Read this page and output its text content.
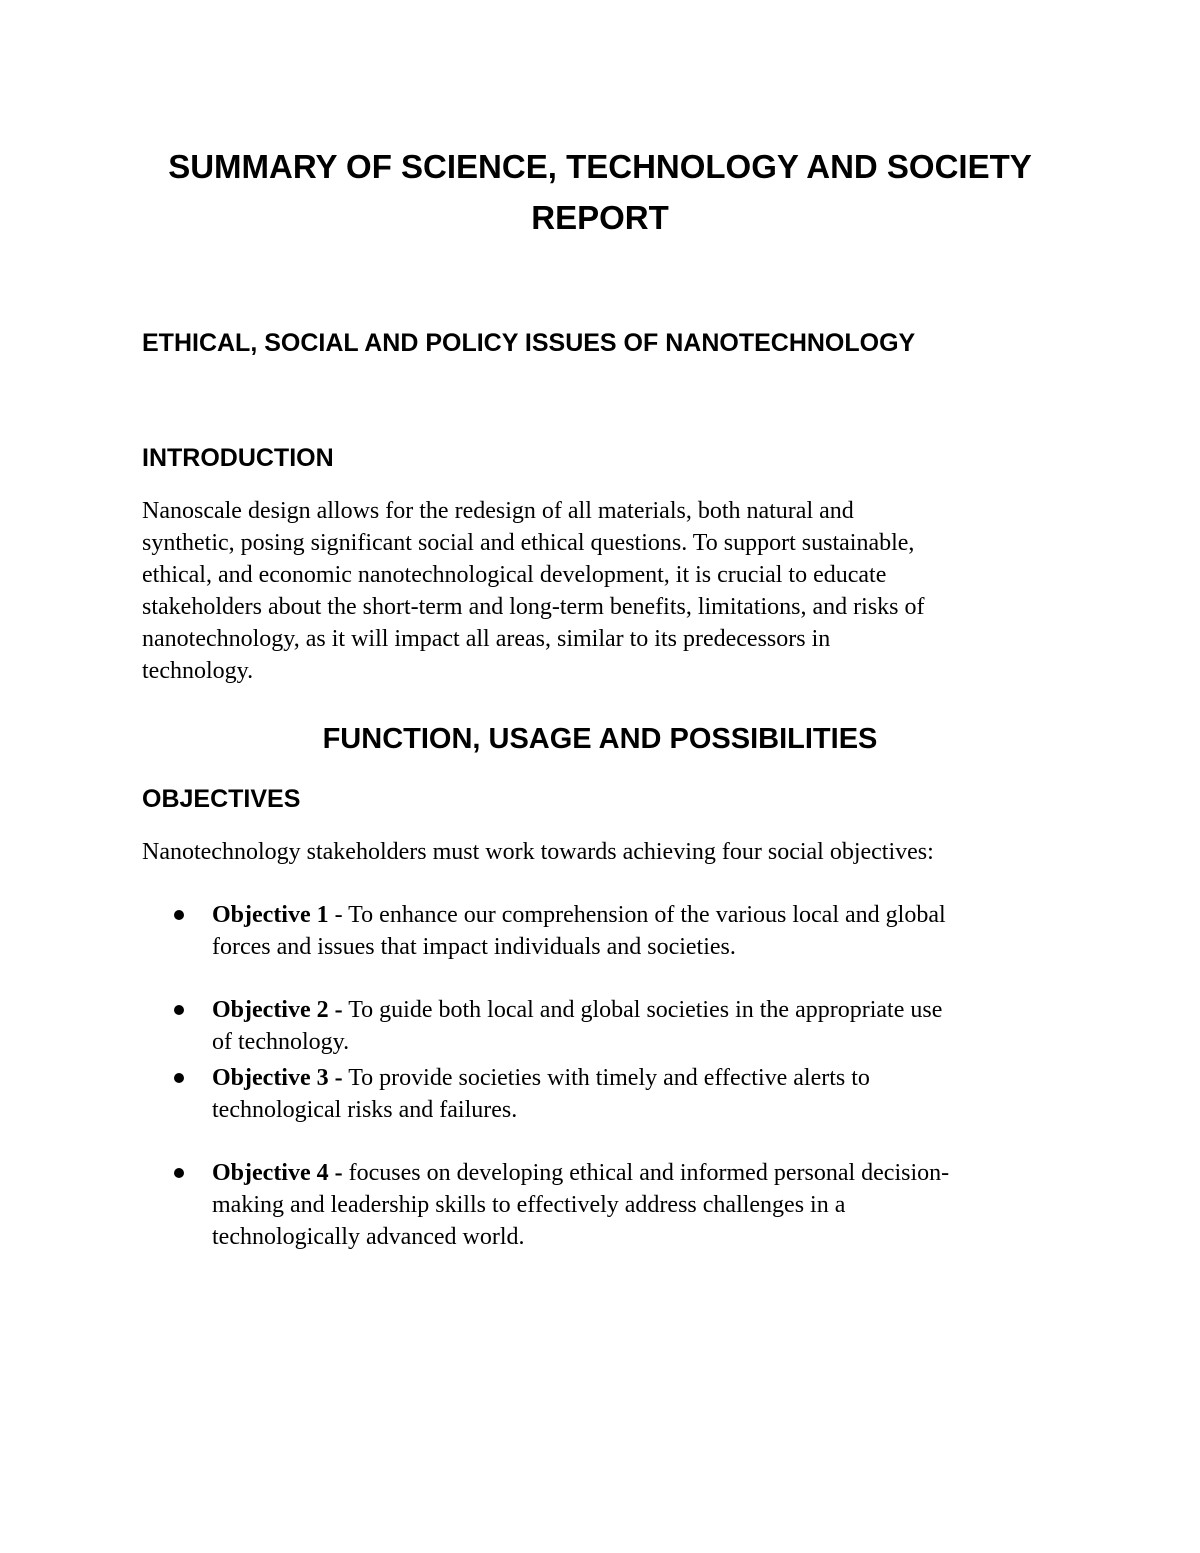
SUMMARY OF SCIENCE, TECHNOLOGY AND SOCIETY
REPORT
ETHICAL, SOCIAL AND POLICY ISSUES OF NANOTECHNOLOGY
INTRODUCTION

Nanoscale design allows for the redesign of all materials, both natural and
synthetic, posing significant social and ethical questions. To support sustainable,
ethical, and economic nanotechnological development, it is crucial to educate
stakeholders about the short-term and long-term benefits, limitations, and risks of
nanotechnology, as it will impact all areas, similar to its predecessors in
technology.

FUNCTION, USAGE AND POSSIBILITIES
OBJECTIVES

Nanotechnology stakeholders must work towards achieving four social objectives:

Objective 1 - To enhance our comprehension of the various local and global
forces and issues that impact individuals and societies.
Objective 2 - To guide both local and global societies in the appropriate use
of technology.
Objective 3 - To provide societies with timely and effective alerts to
technological risks and failures.
Objective 4 - focuses on developing ethical and informed personal decision-
making and leadership skills to effectively address challenges in a
technologically advanced world.
